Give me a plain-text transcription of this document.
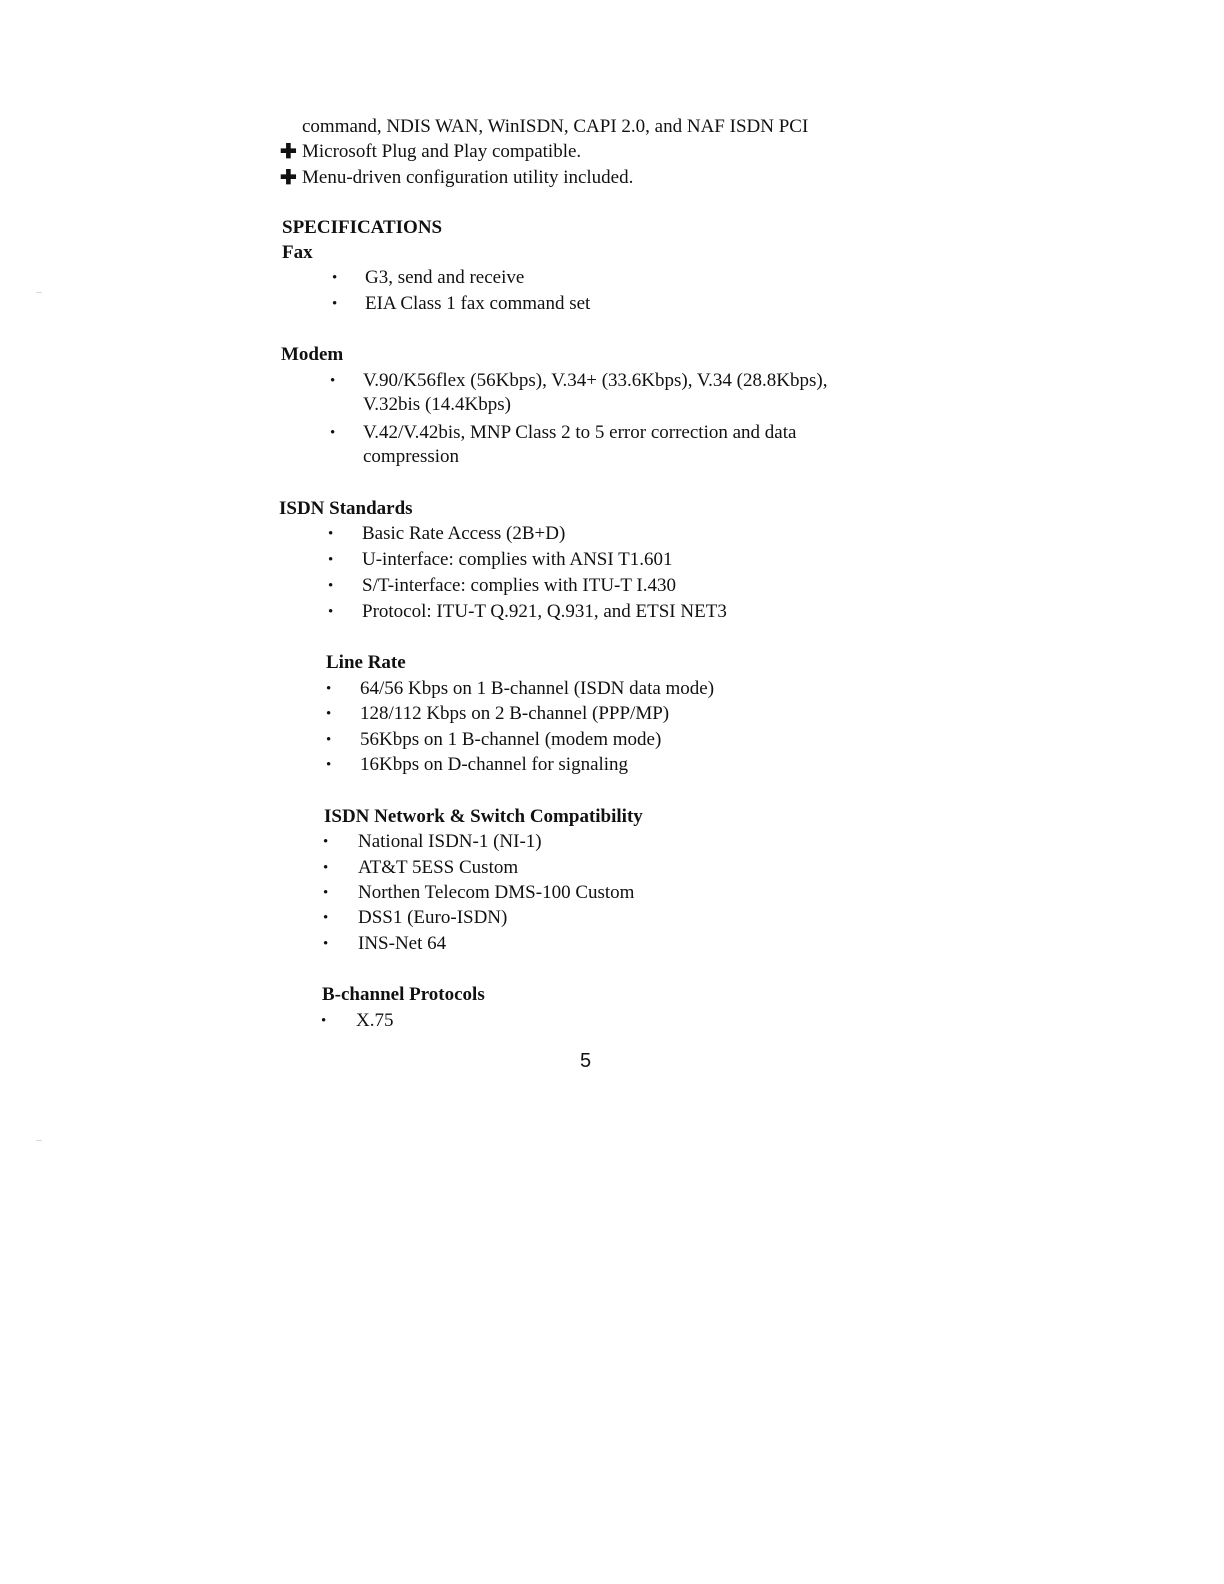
command, NDIS WAN, WinISDN, CAPI 2.0, and NAF ISDN PCI
✚ Microsoft Plug and Play compatible.
✚ Menu-driven configuration utility included.
SPECIFICATIONS
Fax
• G3, send and receive
• EIA Class 1 fax command set
Modem
• V.90/K56flex (56Kbps), V.34+ (33.6Kbps), V.34 (28.8Kbps),
V.32bis (14.4Kbps)
• V.42/V.42bis, MNP Class 2 to 5 error correction and data
compression
ISDN Standards
• Basic Rate Access (2B+D)
• U-interface: complies with ANSI T1.601
• S/T-interface: complies with ITU-T I.430
• Protocol: ITU-T Q.921, Q.931, and ETSI NET3
Line Rate
• 64/56 Kbps on 1 B-channel (ISDN data mode)
• 128/112 Kbps on 2 B-channel (PPP/MP)
• 56Kbps on 1 B-channel (modem mode)
• 16Kbps on D-channel for signaling
ISDN Network & Switch Compatibility
• National ISDN-1 (NI-1)
• AT&T 5ESS Custom
• Northen Telecom DMS-100 Custom
• DSS1 (Euro-ISDN)
• INS-Net 64
B-channel Protocols
• X.75
5
